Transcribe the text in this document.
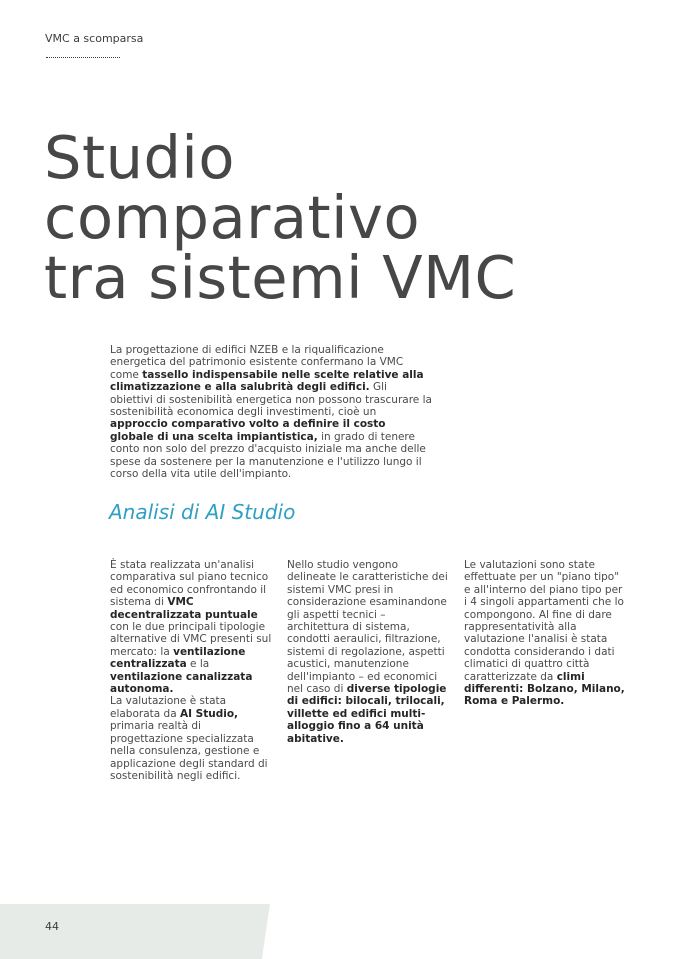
VMC a scomparsa
Studio
comparativo
tra sistemi VMC

La progettazione di edifici NZEB e la riqualificazione energetica del patrimonio esistente confermano la VMC come tassello indispensabile nelle scelte relative alla climatizzazione e alla salubrità degli edifici. Gli obiettivi di sostenibilità energetica non possono trascurare la sostenibilità economica degli investimenti, cioè un approccio comparativo volto a definire il costo globale di una scelta impiantistica, in grado di tenere conto non solo del prezzo d'acquisto iniziale ma anche delle spese da sostenere per la manutenzione e l'utilizzo lungo il corso della vita utile dell'impianto.

Analisi di AI Studio

È stata realizzata un'analisi comparativa sul piano tecnico ed economico confrontando il sistema di VMC decentralizzata puntuale con le due principali tipologie alternative di VMC presenti sul mercato: la ventilazione centralizzata e la ventilazione canalizzata autonoma.
La valutazione è stata elaborata da AI Studio, primaria realtà di progettazione specializzata nella consulenza, gestione e applicazione degli standard di sostenibilità negli edifici.

Nello studio vengono delineate le caratteristiche dei sistemi VMC presi in considerazione esaminandone gli aspetti tecnici – architettura di sistema, condotti aeraulici, filtrazione, sistemi di regolazione, aspetti acustici, manutenzione dell'impianto – ed economici nel caso di diverse tipologie di edifici: bilocali, trilocali, villette ed edifici multi-alloggio fino a 64 unità abitative.

Le valutazioni sono state effettuate per un "piano tipo" e all'interno del piano tipo per i 4 singoli appartamenti che lo compongono. Al fine di dare rappresentatività alla valutazione l'analisi è stata condotta considerando i dati climatici di quattro città caratterizzate da climi differenti: Bolzano, Milano, Roma e Palermo.

44
